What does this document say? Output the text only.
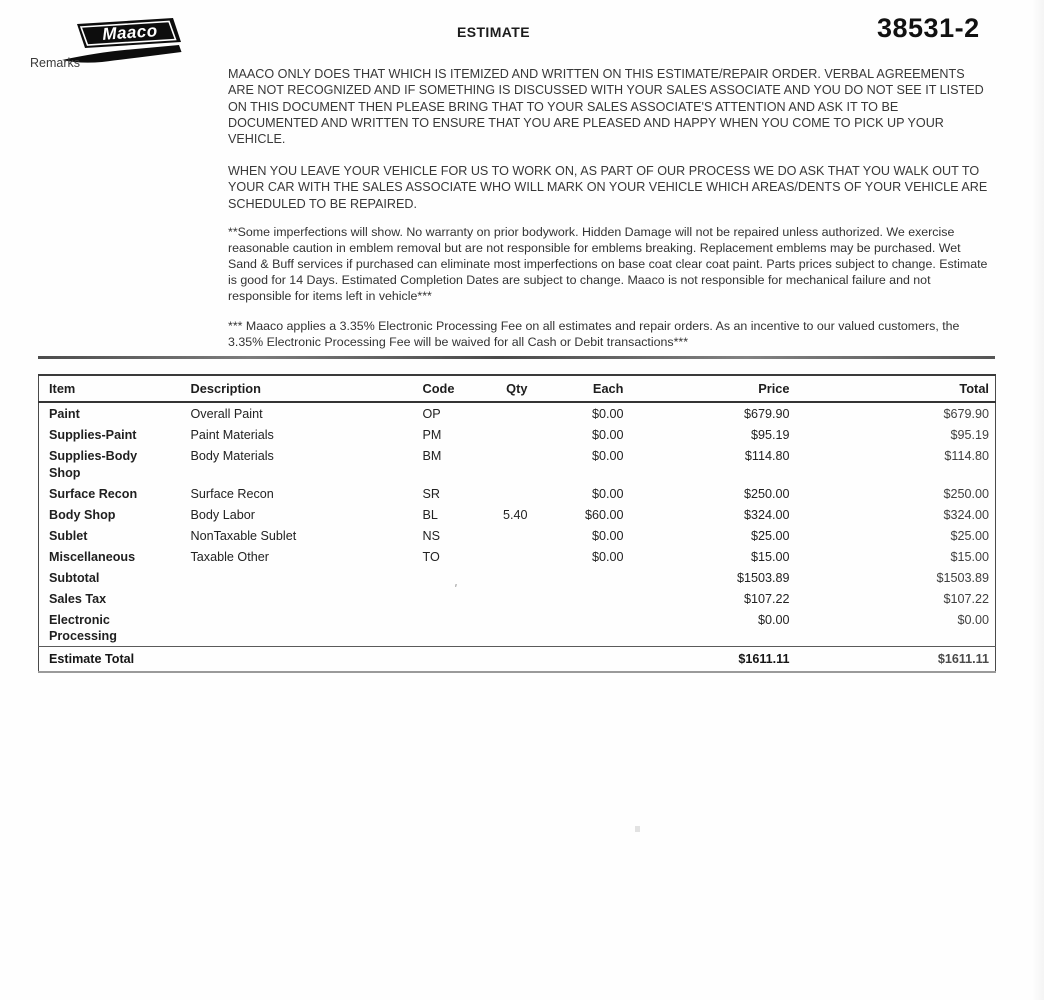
Maaco
Remarks
ESTIMATE	38531-2
MAACO ONLY DOES THAT WHICH IS ITEMIZED AND WRITTEN ON THIS ESTIMATE/REPAIR ORDER. VERBAL AGREEMENTS ARE NOT RECOGNIZED AND IF SOMETHING IS DISCUSSED WITH YOUR SALES ASSOCIATE AND YOU DO NOT SEE IT LISTED ON THIS DOCUMENT THEN PLEASE BRING THAT TO YOUR SALES ASSOCIATE'S ATTENTION AND ASK IT TO BE DOCUMENTED AND WRITTEN TO ENSURE THAT YOU ARE PLEASED AND HAPPY WHEN YOU COME TO PICK UP YOUR VEHICLE.
WHEN YOU LEAVE YOUR VEHICLE FOR US TO WORK ON, AS PART OF OUR PROCESS WE DO ASK THAT YOU WALK OUT TO YOUR CAR WITH THE SALES ASSOCIATE WHO WILL MARK ON YOUR VEHICLE WHICH AREAS/DENTS OF YOUR VEHICLE ARE SCHEDULED TO BE REPAIRED.
**Some imperfections will show. No warranty on prior bodywork. Hidden Damage will not be repaired unless authorized. We exercise reasonable caution in emblem removal but are not responsible for emblems breaking. Replacement emblems may be purchased. Wet Sand & Buff services if purchased can eliminate most imperfections on base coat clear coat paint. Parts prices subject to change. Estimate is good for 14 Days. Estimated Completion Dates are subject to change. Maaco is not responsible for mechanical failure and not responsible for items left in vehicle***
*** Maaco applies a 3.35% Electronic Processing Fee on all estimates and repair orders. As an incentive to our valued customers, the 3.35% Electronic Processing Fee will be waived for all Cash or Debit transactions***
Item	Description	Code	Qty	Each	Price	Total
Paint	Overall Paint	OP		$0.00	$679.90	$679.90
Supplies-Paint	Paint Materials	PM		$0.00	$95.19	$95.19
Supplies-Body Shop	Body Materials	BM		$0.00	$114.80	$114.80
Surface Recon	Surface Recon	SR		$0.00	$250.00	$250.00
Body Shop	Body Labor	BL	5.40	$60.00	$324.00	$324.00
Sublet	NonTaxable Sublet	NS		$0.00	$25.00	$25.00
Miscellaneous	Taxable Other	TO		$0.00	$15.00	$15.00
Subtotal					$1503.89	$1503.89
Sales Tax					$107.22	$107.22
Electronic Processing					$0.00	$0.00
Estimate Total					$1611.11	$1611.11
'
